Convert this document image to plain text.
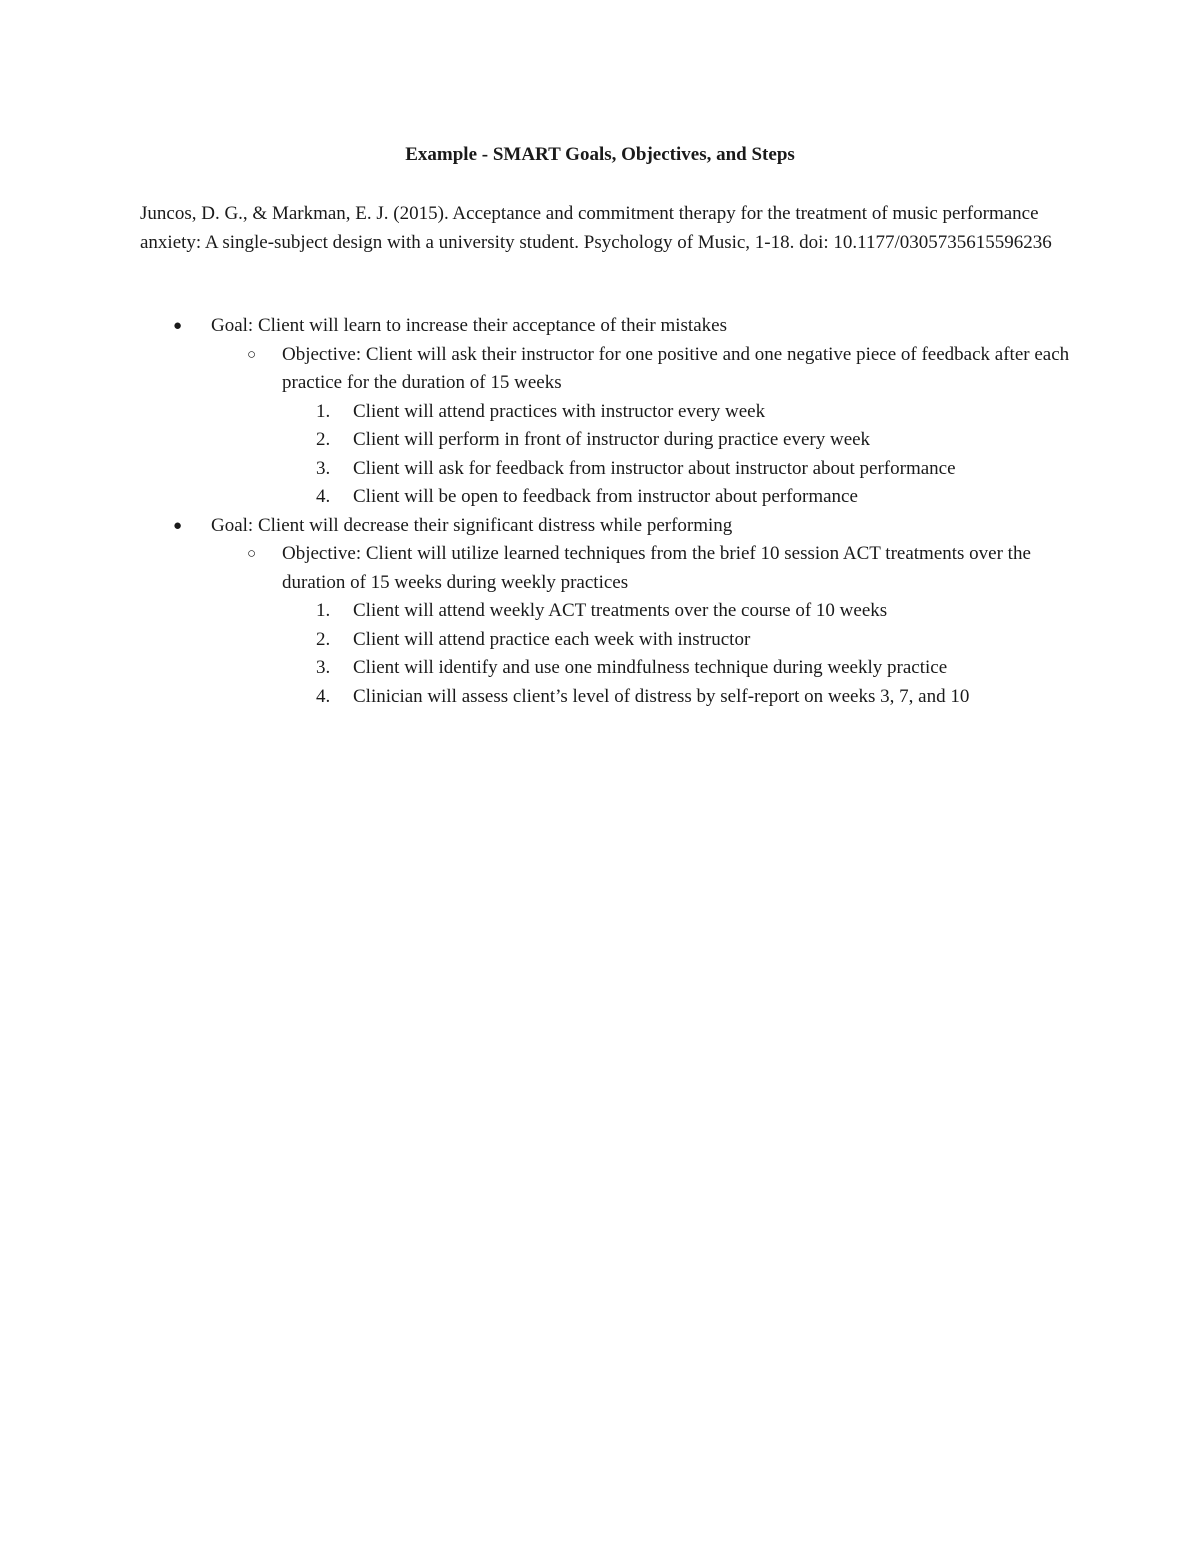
Example - SMART Goals, Objectives, and Steps
Juncos, D. G., & Markman, E. J. (2015). Acceptance and commitment therapy for the treatment of music performance anxiety: A single-subject design with a university student. Psychology of Music, 1-18. doi: 10.1177/0305735615596236
●	Goal: Client will learn to increase their acceptance of their mistakes
○ Objective: Client will ask their instructor for one positive and one negative piece of feedback after each practice for the duration of 15 weeks
1. Client will attend practices with instructor every week
2. Client will perform in front of instructor during practice every week
3. Client will ask for feedback from instructor about instructor about performance
4. Client will be open to feedback from instructor about performance
●	Goal: Client will decrease their significant distress while performing
○ Objective: Client will utilize learned techniques from the brief 10 session ACT treatments over the duration of 15 weeks during weekly practices
1. Client will attend weekly ACT treatments over the course of 10 weeks
2. Client will attend practice each week with instructor
3. Client will identify and use one mindfulness technique during weekly practice
4. Clinician will assess client’s level of distress by self-report on weeks 3, 7, and 10
